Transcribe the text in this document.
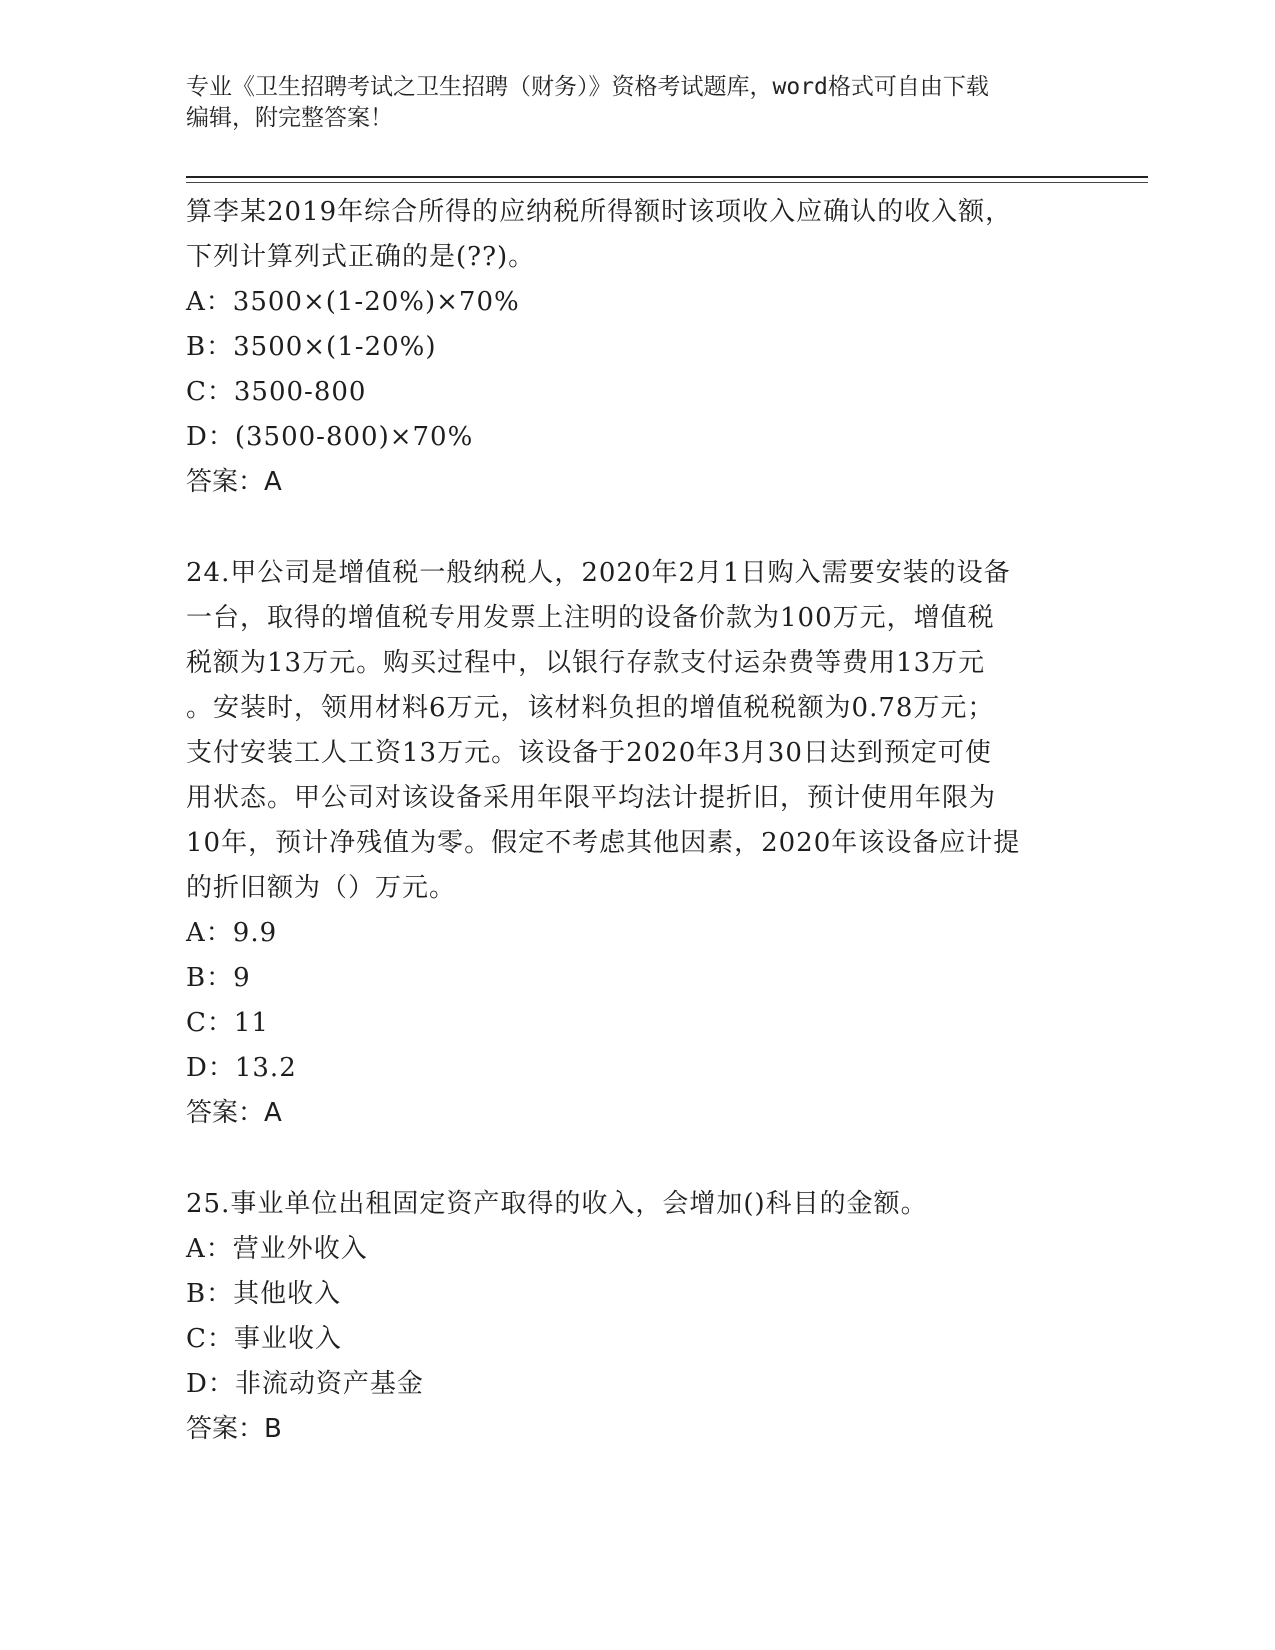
专业《卫生招聘考试之卫生招聘（财务）》资格考试题库，word格式可自由下载
编辑，附完整答案！

算李某2019年综合所得的应纳税所得额时该项收入应确认的收入额，

下列计算列式正确的是(??)。

A：3500×(1-20%)×70%

B：3500×(1-20%)

C：3500-800

D：(3500-800)×70%

答案：A

24.甲公司是增值税一般纳税人，2020年2月1日购入需要安装的设备

一台，取得的增值税专用发票上注明的设备价款为100万元，增值税

税额为13万元。购买过程中，以银行存款支付运杂费等费用13万元

。安装时，领用材料6万元，该材料负担的增值税税额为0.78万元；

支付安装工人工资13万元。该设备于2020年3月30日达到预定可使

用状态。甲公司对该设备采用年限平均法计提折旧，预计使用年限为

10年，预计净残值为零。假定不考虑其他因素，2020年该设备应计提

的折旧额为（）万元。

A：9.9

B：9

C：11

D：13.2

答案：A

25.事业单位出租固定资产取得的收入，会增加()科目的金额。

A：营业外收入

B：其他收入

C：事业收入

D：非流动资产基金

答案：B
